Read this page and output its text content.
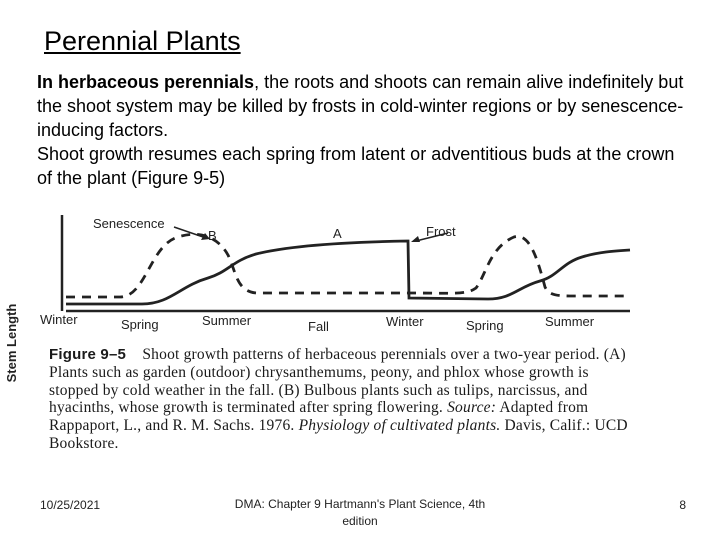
Perennial Plants

In herbaceous perennials, the roots and shoots can remain alive indefinitely but the shoot system may be killed by frosts in cold-winter regions or by senescence-inducing factors.

Shoot growth resumes each spring from latent or adventitious buds at the crown of the plant (Figure 9-5)

Stem Length
Senescence
B	A	Frost
Winter	Spring	Summer	Fall	Winter	Spring	Summer
Figure 9–5 Shoot growth patterns of herbaceous perennials over a two-year period. (A) Plants such as garden (outdoor) chrysanthemums, peony, and phlox whose growth is stopped by cold weather in the fall. (B) Bulbous plants such as tulips, narcissus, and hyacinths, whose growth is terminated after spring flowering. Source: Adapted from Rappaport, L., and R. M. Sachs. 1976. Physiology of cultivated plants. Davis, Calif.: UCD Bookstore.
10/25/2021	DMA: Chapter 9 Hartmann's Plant Science, 4th edition
8
